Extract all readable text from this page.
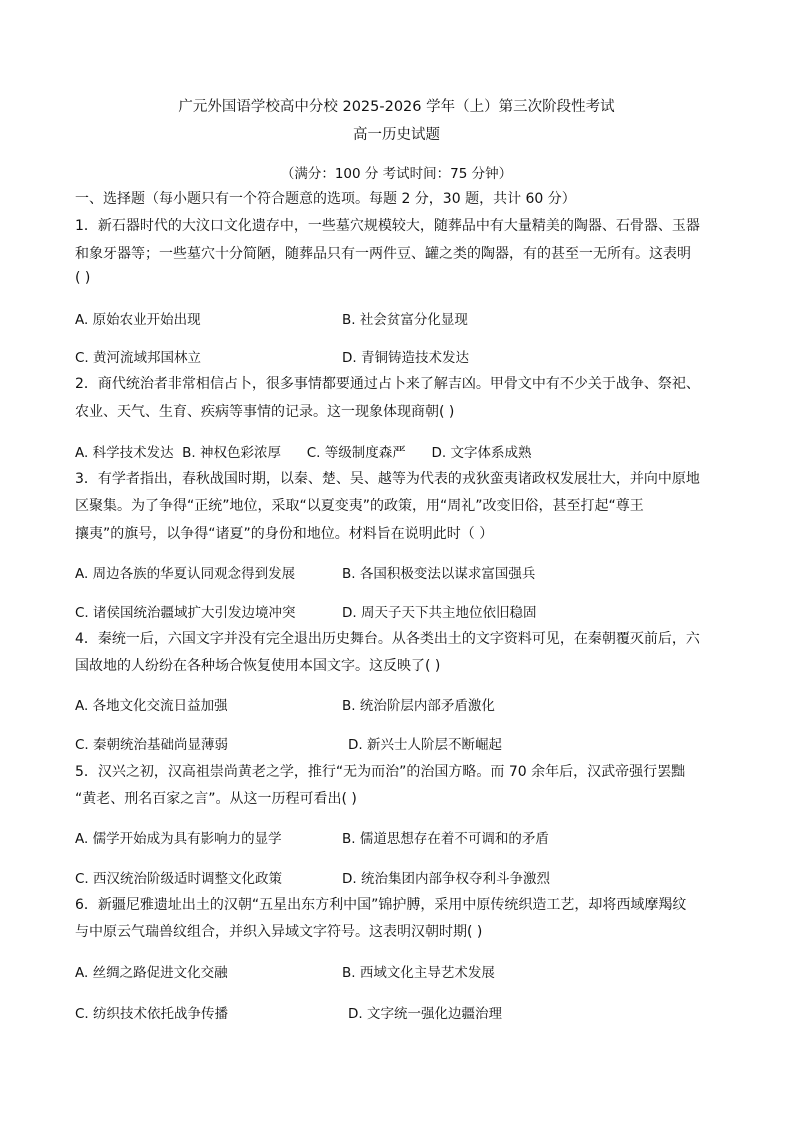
广元外国语学校高中分校 2025-2026 学年（上）第三次阶段性考试
高一历史试题
（满分：100 分 考试时间：75 分钟）
一、选择题（每小题只有一个符合题意的选项。每题 2 分，30 题，共计 60 分）
1．新石器时代的大汶口文化遗存中，一些墓穴规模较大，随葬品中有大量精美的陶器、石骨器、玉器
和象牙器等；一些墓穴十分简陋，随葬品只有一两件豆、罐之类的陶器，有的甚至一无所有。这表明
( )
A. 原始农业开始出现	B. 社会贫富分化显现
C. 黄河流域邦国林立	D. 青铜铸造技术发达
2．商代统治者非常相信占卜，很多事情都要通过占卜来了解吉凶。甲骨文中有不少关于战争、祭祀、
农业、天气、生育、疾病等事情的记录。这一现象体现商朝( )
A. 科学技术发达  B. 神权色彩浓厚      C. 等级制度森严      D. 文字体系成熟
3．有学者指出，春秋战国时期，以秦、楚、吴、越等为代表的戎狄蛮夷诸政权发展壮大，并向中原地
区聚集。为了争得“正统”地位，采取“以夏变夷”的政策，用“周礼”改变旧俗，甚至打起“尊王
攘夷”的旗号，以争得“诸夏”的身份和地位。材料旨在说明此时（ ）
A. 周边各族的华夏认同观念得到发展	B. 各国积极变法以谋求富国强兵
C. 诸侯国统治疆域扩大引发边境冲突	D. 周天子天下共主地位依旧稳固
4．秦统一后，六国文字并没有完全退出历史舞台。从各类出土的文字资料可见，在秦朝覆灭前后，六
国故地的人纷纷在各种场合恢复使用本国文字。这反映了( )
A. 各地文化交流日益加强	B. 统治阶层内部矛盾激化
C. 秦朝统治基础尚显薄弱	D. 新兴士人阶层不断崛起
5．汉兴之初，汉高祖崇尚黄老之学，推行“无为而治”的治国方略。而 70 余年后，汉武帝强行罢黜
“黄老、刑名百家之言”。从这一历程可看出( )
A. 儒学开始成为具有影响力的显学	B. 儒道思想存在着不可调和的矛盾
C. 西汉统治阶级适时调整文化政策	D. 统治集团内部争权夺利斗争激烈
6．新疆尼雅遗址出土的汉朝“五星出东方利中国”锦护膊，采用中原传统织造工艺，却将西域摩羯纹
与中原云气瑞兽纹组合，并织入异域文字符号。这表明汉朝时期( )
A. 丝绸之路促进文化交融	B. 西域文化主导艺术发展
C. 纺织技术依托战争传播	D. 文字统一强化边疆治理
